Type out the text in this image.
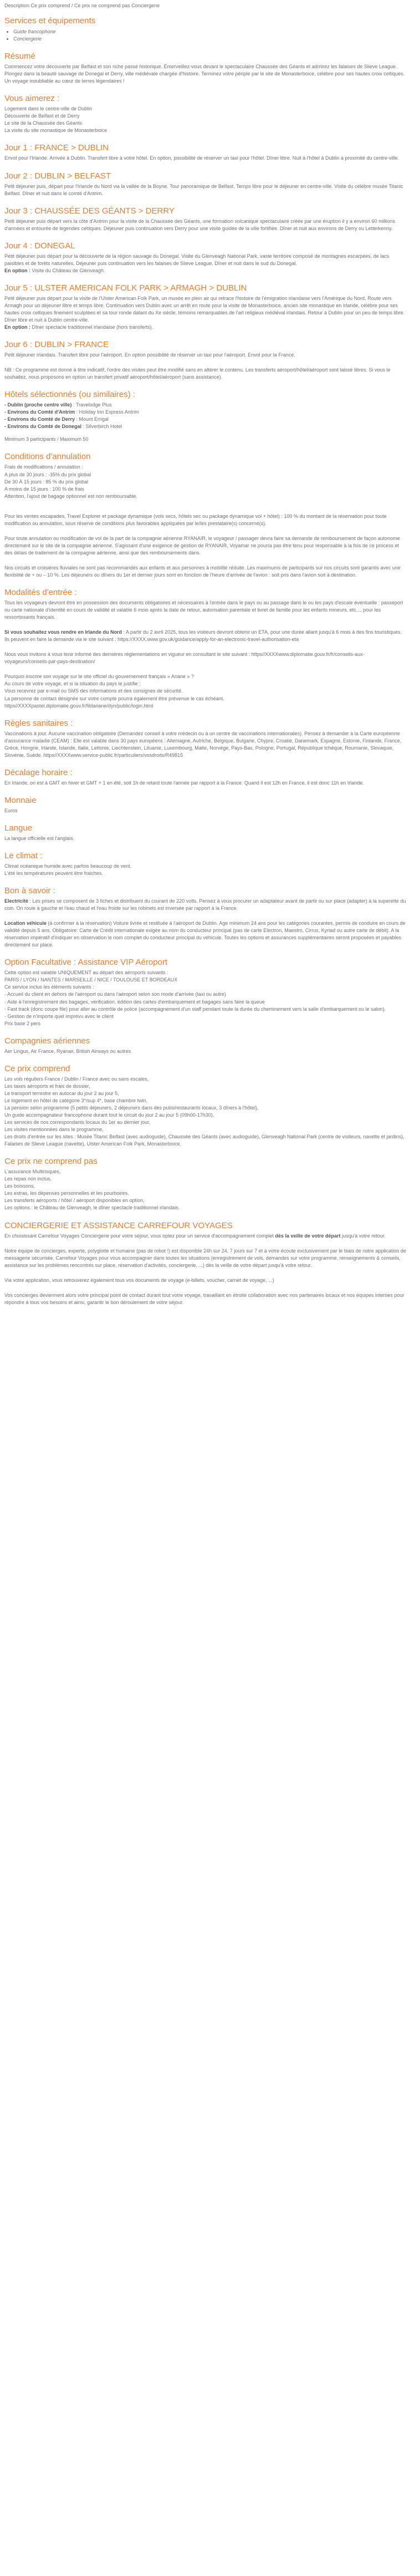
Description Ce prix comprend / Ce prix ne comprend pas Conciergerie
Services et équipements
• Guide francophone
• Conciergerie
Résumé

Commencez votre découverte par Belfast et son riche passé historique. Émerveillez-vous devant le spectaculaire Chaussée des Géants et admirez les falaises de Slieve League. Plongez dans la beauté sauvage de Donegal et Derry, ville médiévale chargée d'histoire. Terminez votre périple par le site de Monasterboice, célèbre pour ses hautes croix celtiques. Un voyage inoubliable au cœur de terres légendaires !

Vous aimerez :

Logement dans le centre-ville de Dublin

Découverte de Belfast et de Derry

Le site de la Chaussée des Géants

La visite du site monastique de Monasterboice

Jour 1 : FRANCE > DUBLIN

Envol pour l'Irlande. Arrivée à Dublin. Transfert libre à votre hôtel. En option, possibilité de réserver un taxi pour l'hôtel. Dîner libre. Nuit à l'hôtel à Dublin à proximité du centre-ville.

Jour 2 : DUBLIN > BELFAST

Petit déjeuner puis, départ pour l'Irlande du Nord via la vallée de la Boyne. Tour panoramique de Belfast. Temps libre pour le déjeuner en centre-ville. Visite du célèbre musée Titanic Belfast. Dîner et nuit dans le comté d'Antrim.

Jour 3 : CHAUSSÉE DES GÉANTS > DERRY

Petit déjeuner puis départ vers la côte d'Antrim pour la visite de la Chaussée des Géants, une formation volcanique spectaculaire créée par une éruption il y a environ 60 millions d'années et entourée de légendes celtiques. Déjeuner puis continuation vers Derry pour une visite guidée de la ville fortifiée. Dîner et nuit aux environs de Derry ou Letterkenny.

Jour 4 : DONEGAL

Petit déjeuner puis départ pour la découverte de la région sauvage du Donegal. Visite du Glenveagh National Park, vaste territoire composé de montagnes escarpées, de lacs paisibles et de forêts naturelles. Déjeuner puis continuation vers les falaises de Slieve League. Dîner et nuit dans le sud du Donegal.
En option : Visite du Château de Glenveagh.

Jour 5 : ULSTER AMERICAN FOLK PARK > ARMAGH > DUBLIN

Petit déjeuner puis départ pour la visite de l'Ulster American Folk Park, un musée en plein air qui retrace l'histoire de l'émigration irlandaise vers l'Amérique du Nord. Route vers Armagh pour un déjeuner libre et temps libre. Continuation vers Dublin avec un arrêt en route pour la visite de Monasterboice, ancien site monastique en Irlande, célèbre pour ses hautes croix celtiques finement sculptées et sa tour ronde datant du Xe siècle, témoins remarquables de l'art religieux médiéval irlandais. Retour à Dublin pour un peu de temps libre. Dîner libre et nuit à Dublin centre-ville.
En option : Dîner spectacle traditionnel irlandaise (hors transferts).

Jour 6 : DUBLIN > FRANCE

Petit déjeuner irlandais. Transfert libre pour l'aéroport. En option possibilité de réserver un taxi pour l'aéroport. Envol pour la France.

NB : Ce programme est donné à titre indicatif, l'ordre des visites peut être modifié sans en altérer le contenu. Les transferts aéroport/hôtel/aéroport sont laissé libres. Si vous le souhaitez, nous proposons en option un transfert privatif aéroport/hôtel/aéroport (sans assistance).

Hôtels sélectionnés (ou similaires) :

- Dublin (proche centre ville) : Travelodge Plus

- Environs du Comté d'Antrim : Holiday Inn Express Antrim

- Environs du Comté de Derry : Mount Errigal

- Environs du Comté de Donegal : Silverbirch Hotel

Minimum 3 participants / Maximum 50

Conditions d'annulation

Frais de modifications / annulation :

A plus de 30 jours : -35% du prix global

De 30 À 15 jours : 85 % du prix global

A moins de 15 jours : 100 % de frais

Attention, l'ajout de bagage optionnel est non remboursable.

Pour les ventes escapades, Travel Explorer et package dynamique (vols secs, hôtels sec ou package dynamique vol + hôtel) : 100 % du montant de la réservation pour toute modification ou annulation, sous réserve de conditions plus favorables appliquées par le/les prestataire(s) concerné(s).

Pour toute annulation ou modification de vol de la part de la compagnie aérienne RYANAIR, le voyageur / passager devra faire sa demande de remboursement de façon autonome directement sur le site de la compagnie aérienne. S'agissant d'une exigence de gestion de RYANAIR, Voyamar ne pourra pas être tenu pour responsable à la fois de ce process et des délais de traitement de la compagnie aérienne, ainsi que des remboursements dans.

Nos circuits et croisières fluviales ne sont pas recommandés aux enfants et aux personnes à mobilité réduite. Les maximums de participants sur nos circuits sont garantis avec une flexibilité de + ou – 10 %. Les déjeuners ou dîners du 1er et dernier jours sont en fonction de l'heure d'arrivée de l'avion : soit pris dans l'avion soit à destination.

Modalités d'entrée :

Tous les voyageurs devront être en possession des documents obligatoires et nécessaires à l'entrée dans le pays ou au passage dans le ou les pays d'escale éventuelle : passeport ou carte nationale d'identité en cours de validité et valable 6 mois après la date de retour, autorisation parentale et livret de famille pour les enfants mineurs, etc..., pour les ressortissants français.

Si vous souhaitez vous rendre en Irlande du Nord : A partir du 2 avril 2025, tous les visiteurs devront obtenir un ETA, pour une durée allant jusqu'à 6 mois à des fins touristiques. Ils peuvent en faire la demande via le site suivant : https://XXXX.www.gov.uk/guidance/apply-for-an-electronic-travel-authorisation-eta

Nous vous invitons à vous tenir informé des dernières réglementations en vigueur en consultant le site suivant : https//XXXXwww.diplomatie.gouv.fr/fr/conseils-aux-voyageurs/conseils-par-pays-destination/

Pourquoi inscrire son voyage sur le site officiel du gouvernement français « Ariane » ?

Au cours de votre voyage, et si la situation du pays le justifie :

Vous recevrez par e-mail ou SMS des informations et des consignes de sécurité.

La personne de contact désignée sur votre compte pourra également être prévenue le cas échéant.

https//XXXXpastel.diplomatie.gouv.fr/fildariane/dyn/public/login.html

Règles sanitaires :

Vaccinations à jour. Aucune vaccination obligatoire (Demandez conseil à votre médecin ou à un centre de vaccinations internationales). Pensez à demander à la Carte européenne d'assurance maladie (CEAM) : Elle est valable dans 30 pays européens : Allemagne, Autriche, Belgique, Bulgarie, Chypre, Croatie, Danemark, Espagne, Estonie, Finlande, France, Grèce, Hongrie, Irlande, Islande, Italie, Lettonie, Liechtenstein, Lituanie, Luxembourg, Malte, Norvège, Pays-Bas, Pologne, Portugal, République tchèque, Roumanie, Slovaquie, Slovénie, Suède. https//XXXXwww.service-public.fr/particuliers/vosdroits/R49815

Décalage horaire :

En Irlande, on est à GMT en hiver et GMT + 1 en été, soit 1h de retard toute l'année par rapport à la France. Quand il est 12h en France, il est donc 11h en Irlande.

Monnaie

Euros

Langue

La langue officielle est l'anglais.

Le climat :

Climat océanique humide avec parfois beaucoup de vent.

L'été les températures peuvent être fraiches.

Bon à savoir :

Electricité : Les prises se composent de 3 fiches et distribuent du courant de 220 volts. Pensez à vous procurer un adaptateur avant de partir ou sur place (adapter) à la superette du coin. On roule à gauche et l'eau chaud et l'eau froide sur les robinets est inversée par rapport à la France.

Location véhicule (à confirmer à la réservation) Voiture livrée et restituée à l'aéroport de Dublin. Age minimum 24 ans pour les catégories courantes, permis de conduire en cours de validité depuis 5 ans. Obligatoire: Carte de Crédit internationale exigée au nom du conducteur principal (pas de carte Electron, Maestro, Cirrus, Kyriad ou autre carte de débit). A la réservation impératif d'indiquer en observation le nom complet du conducteur principal du véhicule. Toutes les options et assurances supplémentaires seront proposées et payables directement sur place.

Option Facultative : Assistance VIP Aéroport

Cette option est valable UNIQUEMENT au départ des aéroports suivants :

PARIS / LYON / NANTES / MARSEILLE / NICE / TOULOUSE ET BORDEAUX

Ce service inclus les éléments suivants :

- Accueil du client en dehors de l'aéroport ou dans l'aéroport selon son mode d'arrivée (taxi ou autre)

- Aide à l'enregistrement des bagages, vérification, édition des cartes d'embarquement et bagages sans faire la queue

- Fast track (donc coupe file) pour aller au contrôle de police (accompagnement d'un staff pendant toute la durée du cheminement vers la salle d'embarquement ou le salon).

- Gestion de n'importe quel imprévu avec le client

Prix base 2 pers

Compagnies aériennes

Aer Lingus, Air France, Ryanair, British Airways ou autres

Ce prix comprend

Les vols réguliers France / Dublin / France avec ou sans escales,

Les taxes aéroports et frais de dossier,

Le transport terrestre en autocar du jour 2 au jour 5,

Le logement en hôtel de catégorie 3*/sup 4*, base chambre twin,

La pension selon programme (5 petits déjeuners, 2 déjeuners dans des pubs/restaurants locaux, 3 dîners à l'hôtel),

Un guide accompagnateur francophone durant tout le circuit du jour 2 au jour 5 (09h00-17h30),

Les services de nos correspondants locaux du 1er au dernier jour,

Les visites mentionnées dans le programme,

Les droits d'entrée sur les sites : Musée Titanic Belfast (avec audioguide), Chaussée des Géants (avec audioguide), Glenveagh National Park (centre de visiteurs, navette et jardins), Falaises de Slieve League (navette), Ulster American Folk Park, Monasterboice.

Ce prix ne comprend pas

L'assurance Multirisques,

Les repas non inclus,

Les boissons,

Les extras, les dépenses personnelles et les pourboires,

Les transferts aéroports / hôtel / aéroport disponibles en option,

Les options : le Château de Glenveagh, le dîner spectacle traditionnel irlandais.

CONCIERGERIE ET ASSISTANCE CARREFOUR VOYAGES

En choisissant Carrefour Voyages Conciergerie pour votre séjour, vous optez pour un service d'accompagnement complet dès la veille de votre départ jusqu'à votre retour.

Notre équipe de concierges, experte, polyglotte et humaine (pas de robot !) est disponible 24h sur 24, 7 jours sur 7 et à votre écoute exclusivement par le biais de notre application de messagerie sécurisée, Carrefour Voyages pour vous accompagner dans toutes les situations (enregistrement de vols, demandes sur votre programme, renseignements & conseils, assistance sur les problèmes rencontrés sur place, réservation d'activités, conciergerie, ...) dès la veille de votre départ jusqu'à votre retour.

Via votre application, vous retrouverez également tous vos documents de voyage (e-billets, voucher, carnet de voyage, ...)

Vos concierges deviennent alors votre principal point de contact durant tout votre voyage, travaillant en étroite collaboration avec nos partenaires locaux et nos équipes internes pour répondre à tous vos besoins et ainsi, garantir le bon déroulement de votre séjour.
